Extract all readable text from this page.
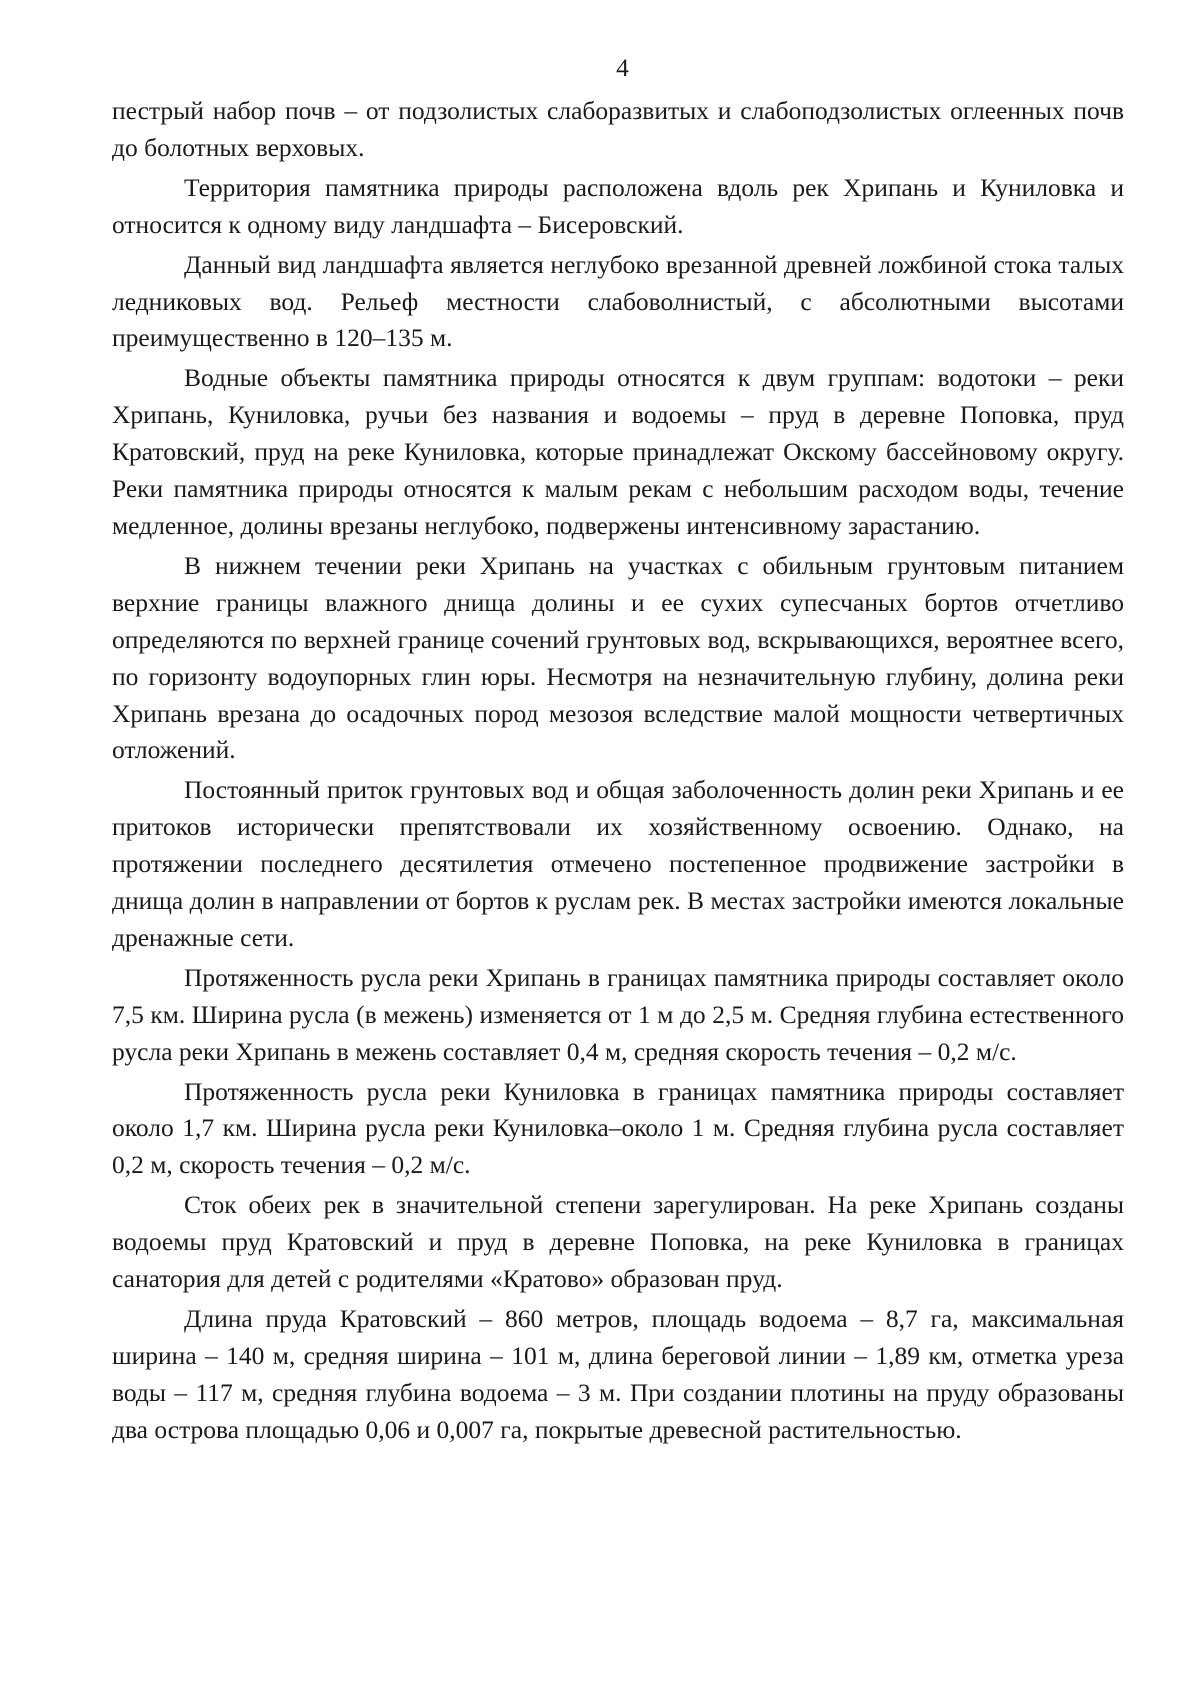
4

пестрый набор почв – от подзолистых слаборазвитых и слабоподзолистых оглеенных почв до болотных верховых.

Территория памятника природы расположена вдоль рек Хрипань и Куниловка и относится к одному виду ландшафта – Бисеровский.

Данный вид ландшафта является неглубоко врезанной древней ложбиной стока талых ледниковых вод. Рельеф местности слабоволнистый, с абсолютными высотами преимущественно в 120–135 м.

Водные объекты памятника природы относятся к двум группам: водотоки – реки Хрипань, Куниловка, ручьи без названия и водоемы – пруд в деревне Поповка, пруд Кратовский, пруд на реке Куниловка, которые принадлежат Окскому бассейновому округу. Реки памятника природы относятся к малым рекам с небольшим расходом воды, течение медленное, долины врезаны неглубоко, подвержены интенсивному зарастанию.

В нижнем течении реки Хрипань на участках с обильным грунтовым питанием верхние границы влажного днища долины и ее сухих супесчаных бортов отчетливо определяются по верхней границе сочений грунтовых вод, вскрывающихся, вероятнее всего, по горизонту водоупорных глин юры. Несмотря на незначительную глубину, долина реки Хрипань врезана до осадочных пород мезозоя вследствие малой мощности четвертичных отложений.

Постоянный приток грунтовых вод и общая заболоченность долин реки Хрипань и ее притоков исторически препятствовали их хозяйственному освоению. Однако, на протяжении последнего десятилетия отмечено постепенное продвижение застройки в днища долин в направлении от бортов к руслам рек. В местах застройки имеются локальные дренажные сети.

Протяженность русла реки Хрипань в границах памятника природы составляет около 7,5 км. Ширина русла (в межень) изменяется от 1 м до 2,5 м. Средняя глубина естественного русла реки Хрипань в межень составляет 0,4 м, средняя скорость течения – 0,2 м/с.

Протяженность русла реки Куниловка в границах памятника природы составляет около 1,7 км. Ширина русла реки Куниловка–около 1 м. Средняя глубина русла составляет 0,2 м, скорость течения – 0,2 м/с.

Сток обеих рек в значительной степени зарегулирован. На реке Хрипань созданы водоемы пруд Кратовский и пруд в деревне Поповка, на реке Куниловка в границах санатория для детей с родителями «Кратово» образован пруд.

Длина пруда Кратовский – 860 метров, площадь водоема – 8,7 га, максимальная ширина – 140 м, средняя ширина – 101 м, длина береговой линии – 1,89 км, отметка уреза воды – 117 м, средняя глубина водоема – 3 м. При создании плотины на пруду образованы два острова площадью 0,06 и 0,007 га, покрытые древесной растительностью.
